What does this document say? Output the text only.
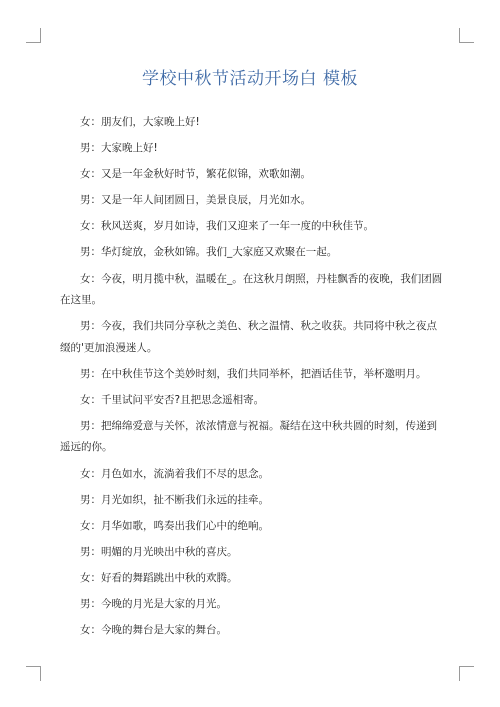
学校中秋节活动开场白 模板

女：朋友们，大家晚上好!

男：大家晚上好!

女：又是一年金秋好时节，繁花似锦，欢歌如潮。

男：又是一年人间团圆日，美景良辰，月光如水。

女：秋风送爽，岁月如诗，我们又迎来了一年一度的中秋佳节。

男：华灯绽放，金秋如锦。我们_大家庭又欢聚在一起。

女：今夜，明月揽中秋，温暖在_。在这秋月朗照，丹桂飘香的夜晚，我们团圆在这里。

男：今夜，我们共同分享秋之美色、秋之温情、秋之收获。共同将中秋之夜点缀的'更加浪漫迷人。

男：在中秋佳节这个美妙时刻，我们共同举杯，把酒话佳节，举杯邀明月。

女：千里试问平安否?且把思念遥相寄。

男：把绵绵爱意与关怀，浓浓情意与祝福。凝结在这中秋共圆的时刻，传递到遥远的你。

女：月色如水，流淌着我们不尽的思念。

男：月光如织，扯不断我们永远的挂牵。

女：月华如歌，鸣奏出我们心中的绝响。

男：明媚的月光映出中秋的喜庆。

女：好看的舞蹈跳出中秋的欢腾。

男：今晚的月光是大家的月光。

女：今晚的舞台是大家的舞台。
